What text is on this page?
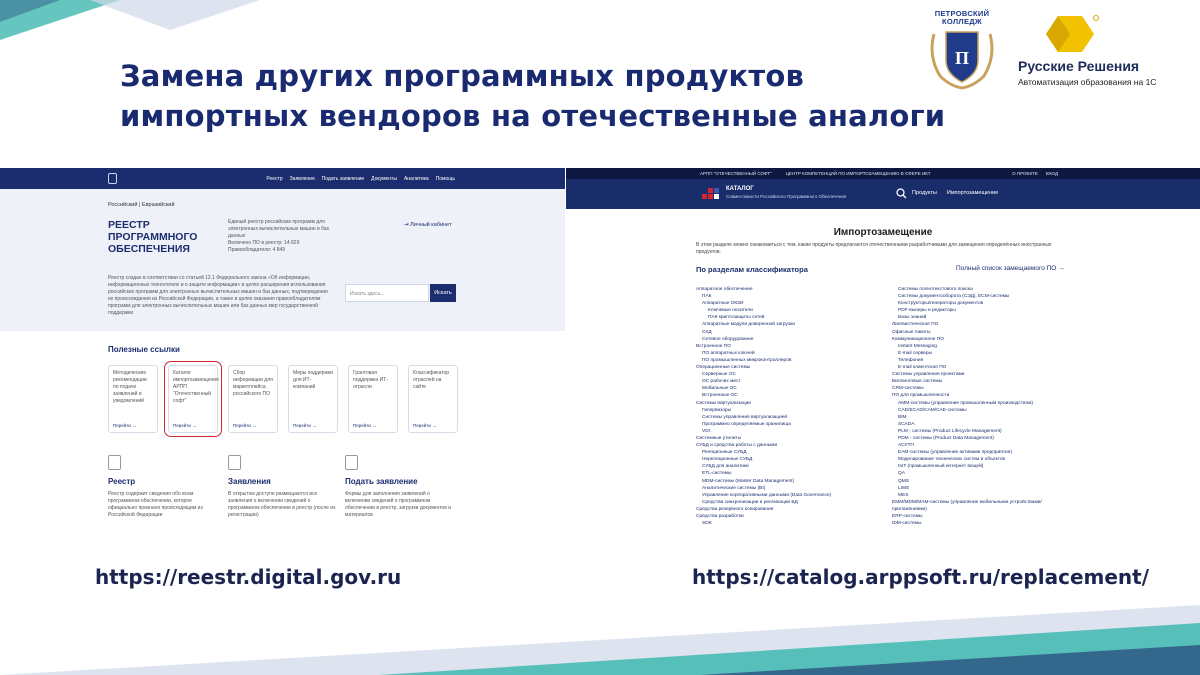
Замена других программных продуктов
импортных вендоров на отечественные аналоги
ПЕТРОВСКИЙ
КОЛЛЕДЖ
П	Русские Решения
Автоматизация образования на 1С
Реестр Заявления Подать заявление Документы Аналитика Помощь
Российский | Евразийский
РЕЕСТР ПРОГРАММНОГО ОБЕСПЕЧЕНИЯ
Единый реестр российских программ для электронных вычислительных машин и баз данных
Включено ПО в реестр: 14 829
Правообладатели: 4 849
⇥ Личный кабинет
Реестр создан в соответствии со статьей 12.1 Федерального закона «Об информации, информационных технологиях и о защите информации» в целях расширения использования российских программ для электронных вычислительных машин и баз данных, подтверждения их происхождения из Российской Федерации, а также в целях оказания правообладателям программ для электронных вычислительных машин или баз данных мер государственной поддержки
Искать здесь...	Искать
Полезные ссылки
Методические рекомендации по подаче заявлений и уведомлений
Перейти →
Каталог импортозамещения АРПП "Отечественный софт"
Перейти →
Сбор информации для маркетплейса российского ПО
Перейти →
Меры поддержки для ИТ-компаний
Перейти →
Грантовая поддержка ИТ-отрасли
Перейти →
Классификатор отраслей на сайте
Перейти →
Реестр
Реестр содержит сведения обо всем программном обеспечении, которое официально признано происходящим из Российской Федерации
Заявления
В открытом доступе размещаются все заявления о включении сведений о программном обеспечении в реестр (после их регистрации)
Подать заявление
Формы для заполнения заявлений о включении сведений о программном обеспечении в реестр, загрузки документов и материалов
АРПП "ОТЕЧЕСТВЕННЫЙ СОФТ"	ЦЕНТР КОМПЕТЕНЦИЙ ПО ИМПОРТОЗАМЕЩЕНИЮ В СФЕРЕ ИКТ	О ПРОЕКТЕ ВХОД
КАТАЛОГ
Совместимости Российского Программного Обеспечения
Продукты Импортозамещение
Импортозамещение
В этом разделе можно ознакомиться с тем, какие продукты предлагаются отечественными разработчиками для замещения определённых иностранных продуктов.
По разделам классификатора	Полный список замещаемого ПО →
Аппаратное обеспечение
ПАК
Аппаратные ОКЗИ
Ключевые носители
ПАК криптозащиты сетей
Аппаратные модули доверенной загрузки
СХД
Сетевое оборудование
Встроенное ПО
ПО аппаратных ключей
ПО промышленных микроконтроллеров
Операционные системы
Серверные ОС
ОС рабочих мест
Мобильные ОС
Встроенные ОС
Системы виртуализации
Гипервизоры
Системы управления виртуализацией
Программно определяемые хранилища
VDI
Системные утилиты
СУБД и средства работы с данными
Реляционные СУБД
Нереляционные СУБД
СУБД для аналитики
ETL-системы
MDM-системы (Master Data Management)
Аналитические системы (BI)
Управление корпоративными данными (Data Governance)
Средства синхронизации и репликации БД
Средства резервного копирования
Средства разработки
SDK
Системы полнотекстового поиска
Системы документооборота (СЭД), ECM-системы
Конструкторы/генераторы документов
PDF-вьюеры и редакторы
Базы знаний
Лингвистическое ПО
Офисные пакеты
Коммуникационное ПО
Instant Messaging
E-mail серверы
Телефония
E-mail клиентское ПО
Системы управления проектами
Биллинговые системы
CRM-системы
ПО для промышленности
AMM-системы (управление промышленным производством)
CAD/ECAD/CAM/CAE-системы
BIM
SCADA
PLM - системы (Product Lifecycle Management)
PDM - системы (Product Data Management)
АСУТП
EAM-системы (управление активами предприятия)
Моделирование технических систем и объектов
IIoT (промышленный интернет вещей)
QA
QMS
LIMS
MES
EMM/MDM/MAM-системы (управление мобильными устройствами/
приложениями)
ERP-системы
IDM-системы
https://reestr.digital.gov.ru	https://catalog.arppsoft.ru/replacement/
